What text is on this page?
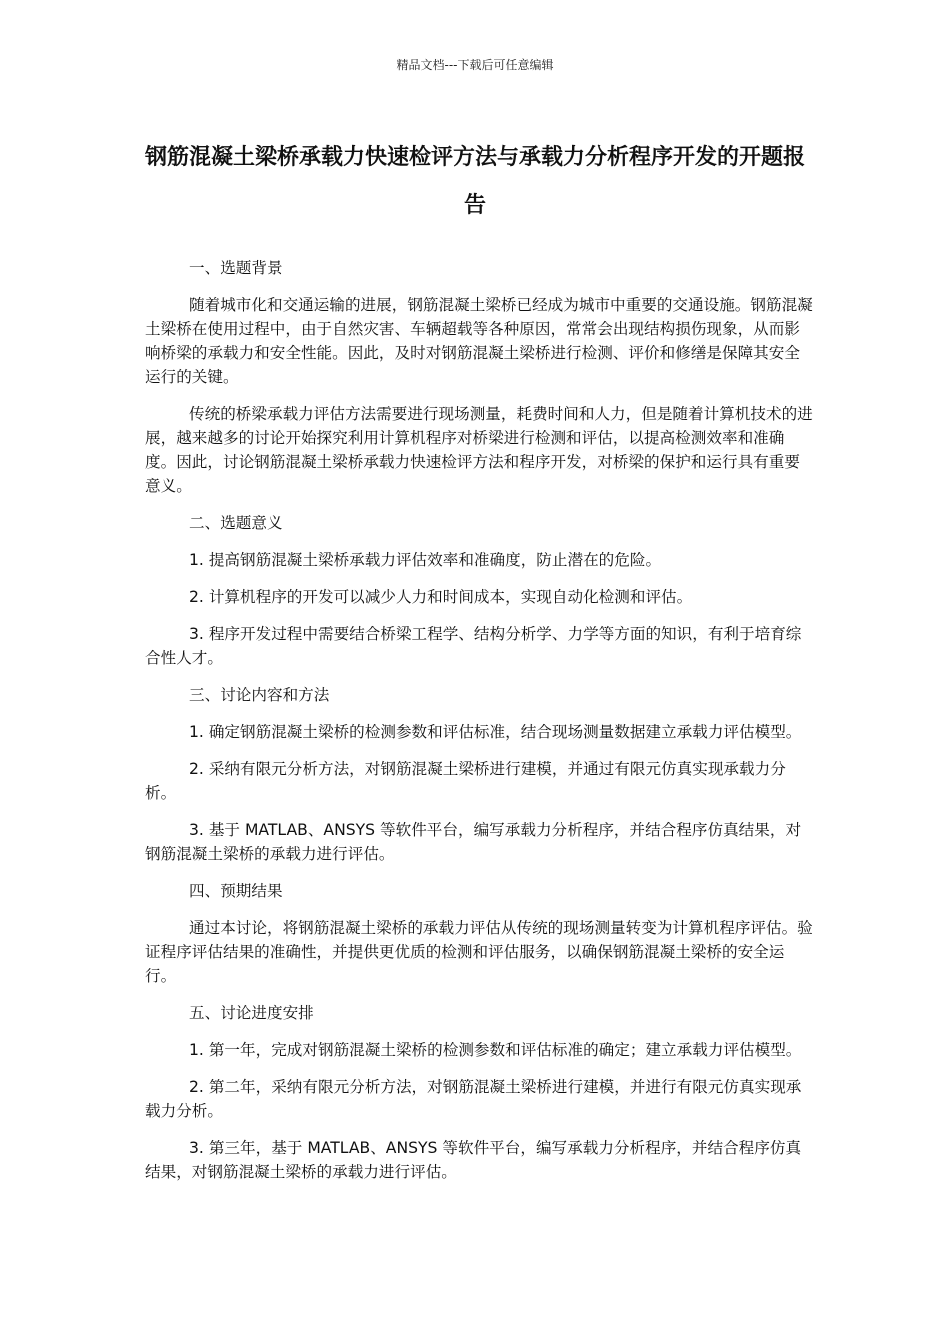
精品文档---下载后可任意编辑
钢筋混凝土梁桥承载力快速检评方法与承载力分析程序开发的开题报告

一、选题背景

随着城市化和交通运输的进展，钢筋混凝土梁桥已经成为城市中重要的交通设施。钢筋混凝土梁桥在使用过程中，由于自然灾害、车辆超载等各种原因，常常会出现结构损伤现象，从而影响桥梁的承载力和安全性能。因此，及时对钢筋混凝土梁桥进行检测、评价和修缮是保障其安全运行的关键。

传统的桥梁承载力评估方法需要进行现场测量，耗费时间和人力，但是随着计算机技术的进展，越来越多的讨论开始探究利用计算机程序对桥梁进行检测和评估，以提高检测效率和准确度。因此，讨论钢筋混凝土梁桥承载力快速检评方法和程序开发，对桥梁的保护和运行具有重要意义。

二、选题意义

1. 提高钢筋混凝土梁桥承载力评估效率和准确度，防止潜在的危险。

2. 计算机程序的开发可以减少人力和时间成本，实现自动化检测和评估。

3. 程序开发过程中需要结合桥梁工程学、结构分析学、力学等方面的知识，有利于培育综合性人才。

三、讨论内容和方法

1. 确定钢筋混凝土梁桥的检测参数和评估标准，结合现场测量数据建立承载力评估模型。

2. 采纳有限元分析方法，对钢筋混凝土梁桥进行建模，并通过有限元仿真实现承载力分析。

3. 基于 MATLAB、ANSYS 等软件平台，编写承载力分析程序，并结合程序仿真结果，对钢筋混凝土梁桥的承载力进行评估。

四、预期结果

通过本讨论，将钢筋混凝土梁桥的承载力评估从传统的现场测量转变为计算机程序评估。验证程序评估结果的准确性，并提供更优质的检测和评估服务，以确保钢筋混凝土梁桥的安全运行。

五、讨论进度安排

1. 第一年，完成对钢筋混凝土梁桥的检测参数和评估标准的确定；建立承载力评估模型。

2. 第二年，采纳有限元分析方法，对钢筋混凝土梁桥进行建模，并进行有限元仿真实现承载力分析。

3. 第三年，基于 MATLAB、ANSYS 等软件平台，编写承载力分析程序，并结合程序仿真结果，对钢筋混凝土梁桥的承载力进行评估。
